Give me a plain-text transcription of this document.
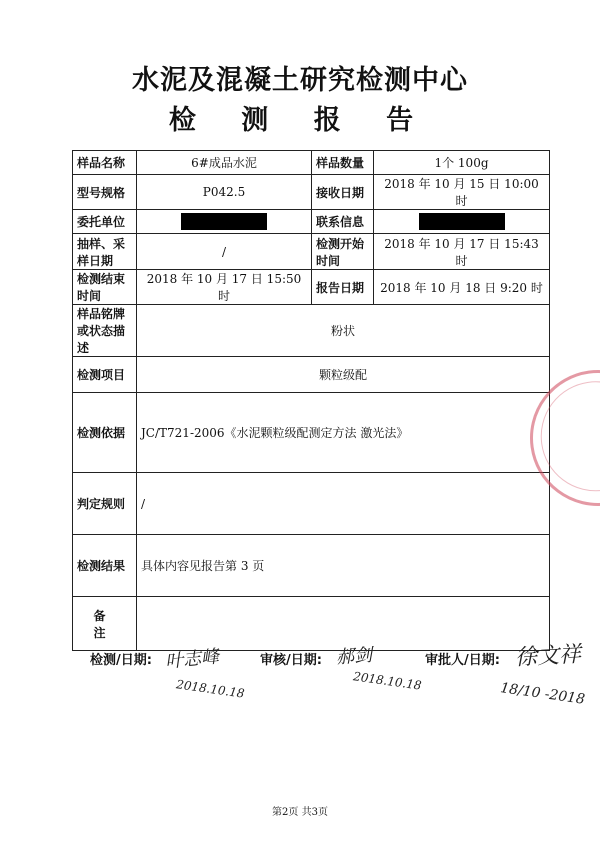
水泥及混凝土研究检测中心
检 测 报 告
样品名称	6#成品水泥	样品数量	1个 100g
型号规格	P042.5	接收日期	2018 年 10 月 15 日 10:00 时
委托单位		联系信息	
抽样、采样日期	/	检测开始时间	2018 年 10 月 17 日 15:43 时
检测结束时间	2018 年 10 月 17 日 15:50 时	报告日期	2018 年 10 月 18 日 9:20 时
样品铭牌或状态描述	粉状		
检测项目	颗粒级配		
检测依据	JC/T721-2006《水泥颗粒级配测定方法 激光法》		
判定规则	/		
检测结果	具体内容见报告第 3 页		
备 注			
检测/日期: 叶志峰
2018.10.18
审核/日期: 郝剑
2018.10.18
审批人/日期: 徐文祥
18/10 -2018
第2页 共3页
